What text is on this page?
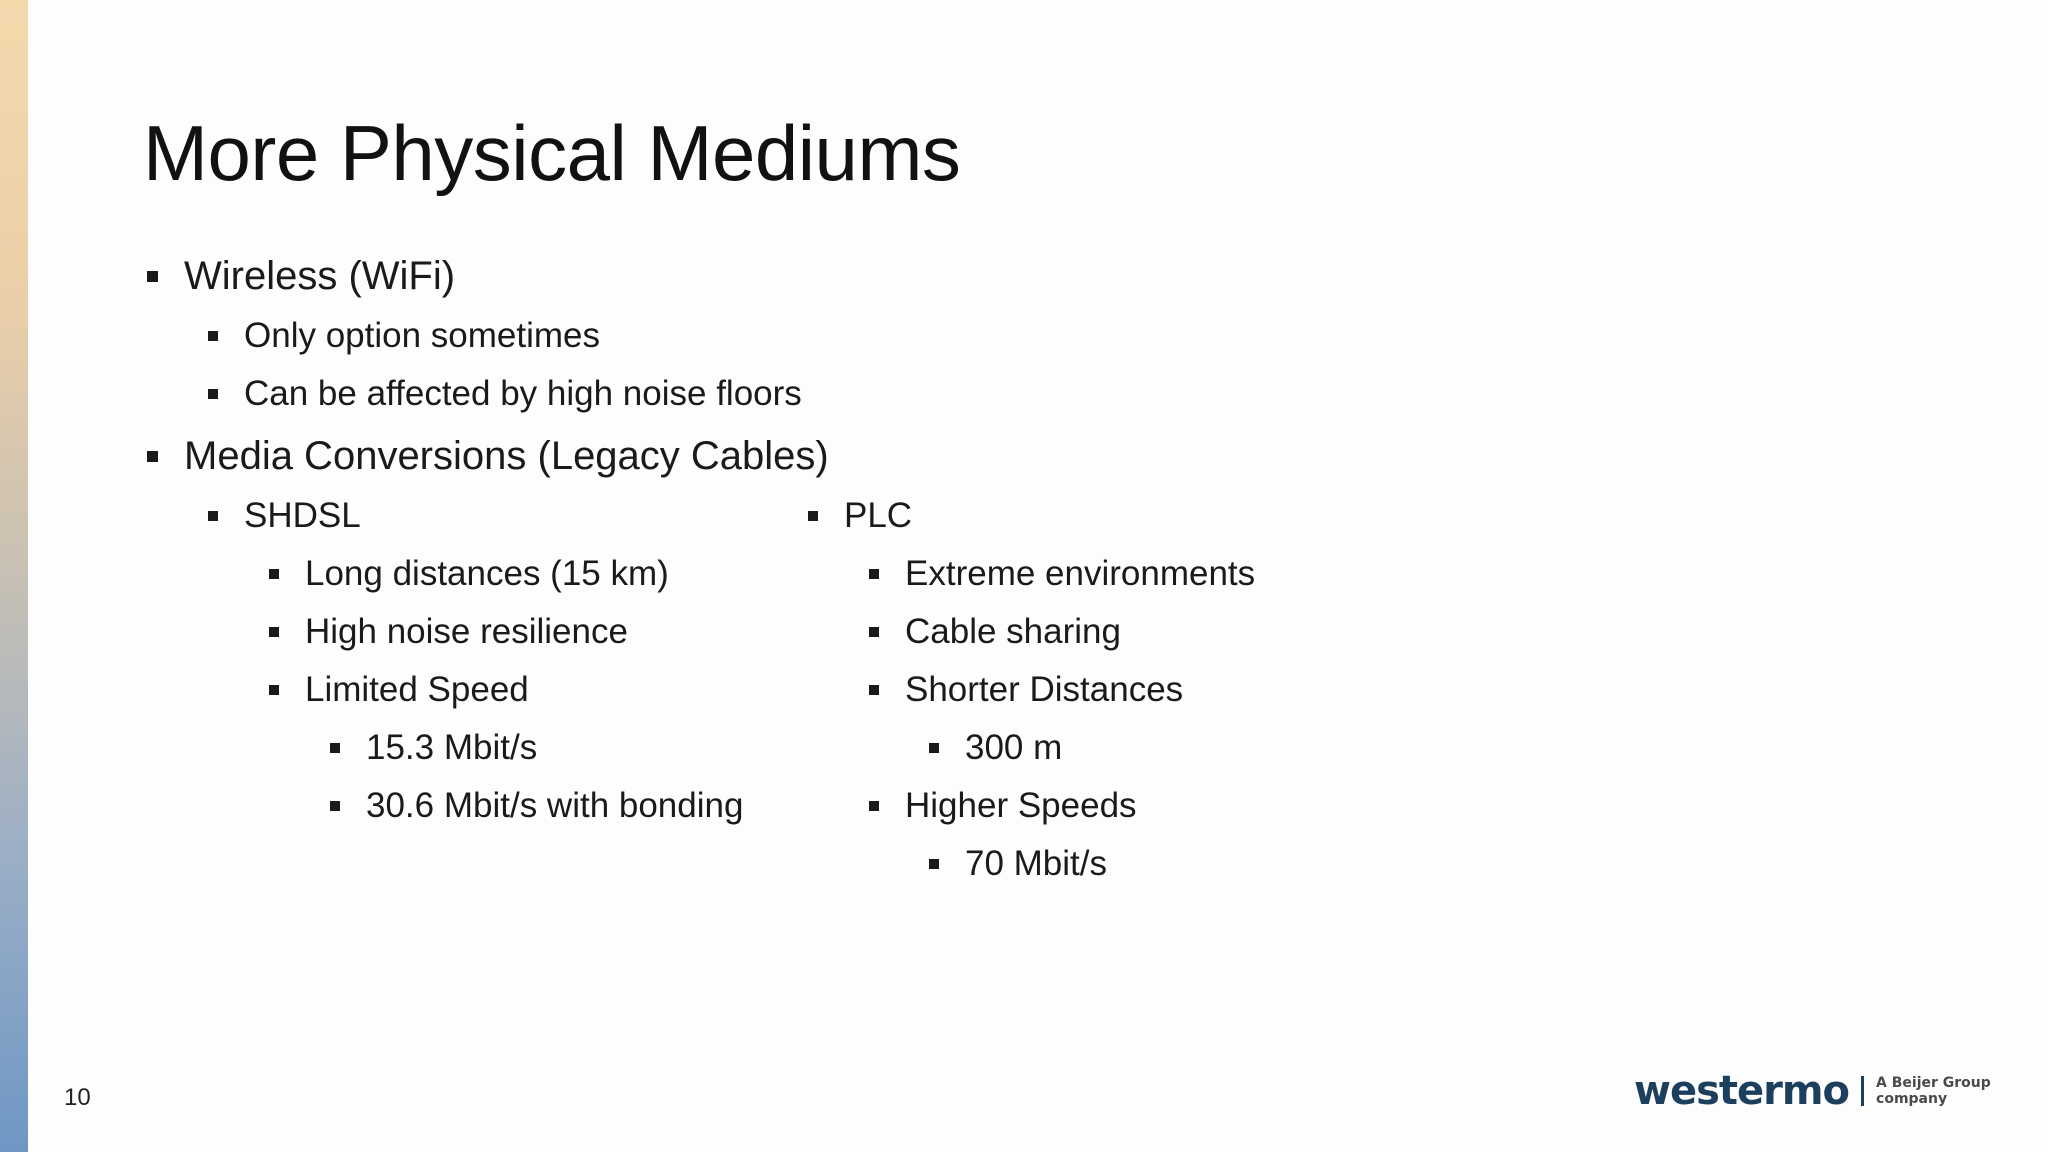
More Physical Mediums
Wireless (WiFi)
Only option sometimes
Can be affected by high noise floors
Media Conversions (Legacy Cables)
SHDSL
Long distances (15 km)
High noise resilience
Limited Speed
15.3 Mbit/s
30.6 Mbit/s with bonding
PLC
Extreme environments
Cable sharing
Shorter Distances
300 m
Higher Speeds
70 Mbit/s
10	westermo A Beijer Group
company
